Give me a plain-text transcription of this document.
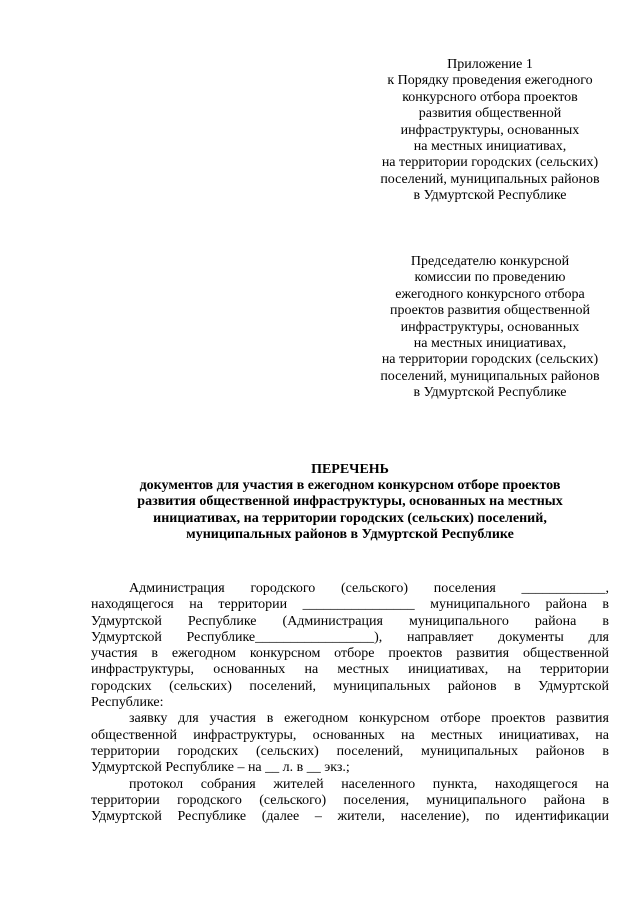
Приложение 1
к Порядку проведения ежегодного
конкурсного отбора проектов
развития общественной
инфраструктуры, основанных
на местных инициативах,
на территории городских (сельских)
поселений, муниципальных районов
в Удмуртской Республике
Председателю конкурсной
комиссии по проведению
ежегодного конкурсного отбора
проектов развития общественной
инфраструктуры, основанных
на местных инициативах,
на территории городских (сельских)
поселений, муниципальных районов
в Удмуртской Республике
ПЕРЕЧЕНЬ
документов для участия в ежегодном конкурсном отборе проектов
развития общественной инфраструктуры, основанных на местных
инициативах, на территории городских (сельских) поселений,
муниципальных районов в Удмуртской Республике
Администрация городского (сельского) поселения ____________,
находящегося на территории ________________ муниципального района в
Удмуртской Республике (Администрация муниципального района в
Удмуртской Республике_________________), направляет документы для
участия в ежегодном конкурсном отборе проектов развития общественной
инфраструктуры, основанных на местных инициативах, на территории
городских (сельских) поселений, муниципальных районов в Удмуртской
Республике:
заявку для участия в ежегодном конкурсном отборе проектов развития
общественной инфраструктуры, основанных на местных инициативах, на
территории городских (сельских) поселений, муниципальных районов в
Удмуртской Республике – на __ л. в __ экз.;
протокол собрания жителей населенного пункта, находящегося на
территории городского (сельского) поселения, муниципального района в
Удмуртской Республике (далее – жители, население), по идентификации
